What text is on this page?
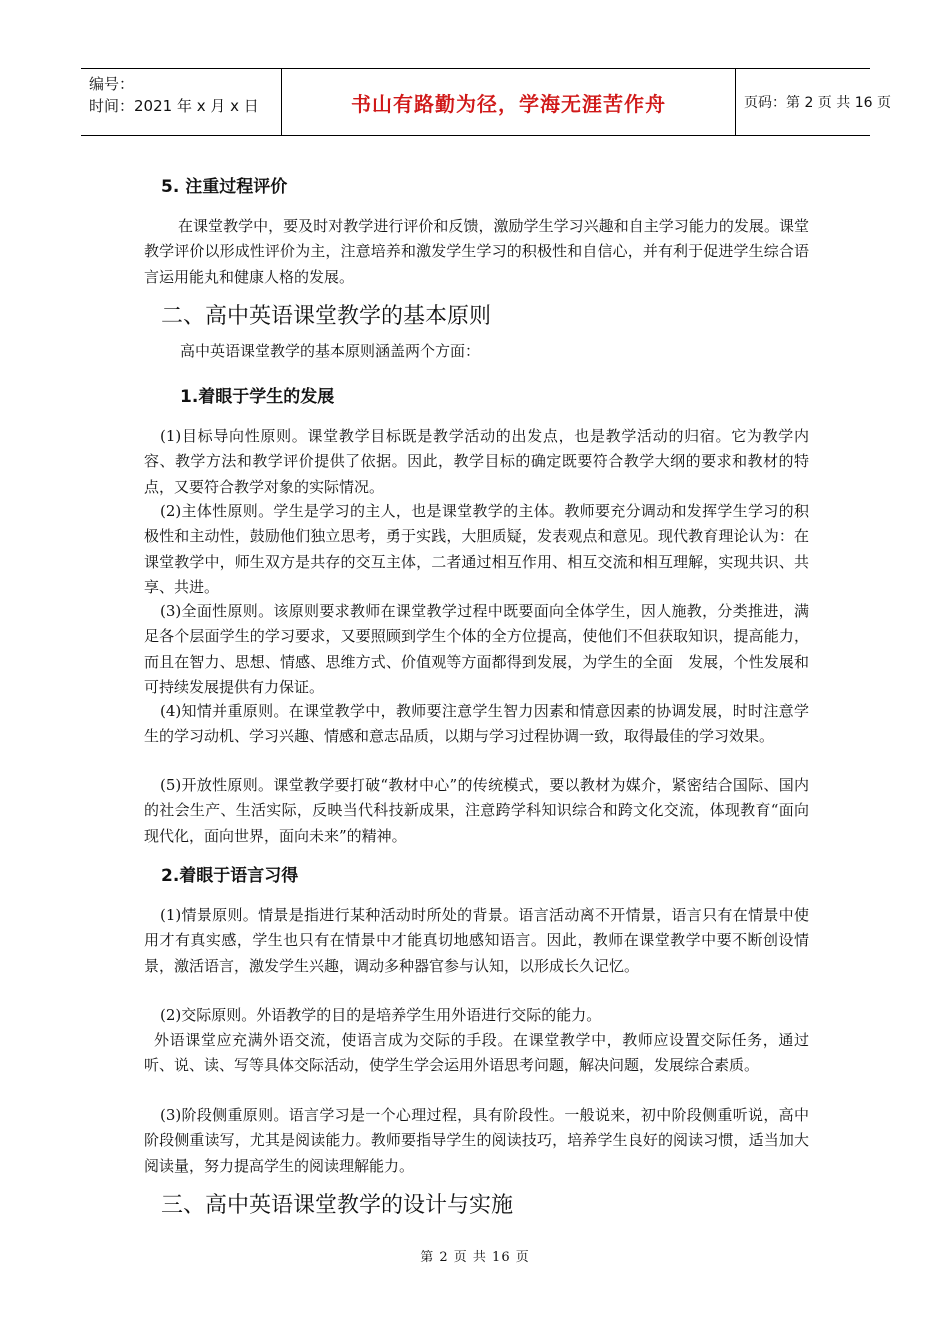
编号：
时间：2021 年 x 月 x 日	书山有路勤为径，学海无涯苦作舟	页码：第 2 页 共 16 页
5. 注重过程评价

在课堂教学中，要及时对教学进行评价和反馈，激励学生学习兴趣和自主学习能力的发展。课堂教学评价以形成性评价为主，注意培养和激发学生学习的积极性和自信心，并有利于促进学生综合语言运用能丸和健康人格的发展。

二、高中英语课堂教学的基本原则

高中英语课堂教学的基本原则涵盖两个方面：

1.着眼于学生的发展

(1)目标导向性原则。课堂教学目标既是教学活动的出发点，也是教学活动的归宿。它为教学内容、教学方法和教学评价提供了依据。因此，教学目标的确定既要符合教学大纲的要求和教材的特点，又要符合教学对象的实际情况。

(2)主体性原则。学生是学习的主人，也是课堂教学的主体。教师要充分调动和发挥学生学习的积极性和主动性，鼓励他们独立思考，勇于实践，大胆质疑，发表观点和意见。现代教育理论认为：在课堂教学中，师生双方是共存的交互主体，二者通过相互作用、相互交流和相互理解，实现共识、共享、共进。

(3)全面性原则。该原则要求教师在课堂教学过程中既要面向全体学生，因人施教，分类推进，满足各个层面学生的学习要求，又要照顾到学生个体的全方位提高，使他们不但获取知识，提高能力，而且在智力、思想、情感、思维方式、价值观等方面都得到发展，为学生的全面　发展，个性发展和可持续发展提供有力保证。

(4)知情并重原则。在课堂教学中，教师要注意学生智力因素和情意因素的协调发展，时时注意学生的学习动机、学习兴趣、情感和意志品质，以期与学习过程协调一致，取得最佳的学习效果。

(5)开放性原则。课堂教学要打破“教材中心”的传统模式，要以教材为媒介，紧密结合国际、国内的社会生产、生活实际，反映当代科技新成果，注意跨学科知识综合和跨文化交流，体现教育“面向现代化，面向世界，面向未来”的精神。

2.着眼于语言习得

(1)情景原则。情景是指进行某种活动时所处的背景。语言活动离不开情景，语言只有在情景中使用才有真实感，学生也只有在情景中才能真切地感知语言。因此，教师在课堂教学中要不断创设情景，激活语言，激发学生兴趣，调动多种器官参与认知，以形成长久记忆。

(2)交际原则。外语教学的目的是培养学生用外语进行交际的能力。

外语课堂应充满外语交流，使语言成为交际的手段。在课堂教学中，教师应设置交际任务，通过听、说、读、写等具体交际活动，使学生学会运用外语思考问题，解决问题，发展综合素质。

(3)阶段侧重原则。语言学习是一个心理过程，具有阶段性。一般说来，初中阶段侧重听说，高中阶段侧重读写，尤其是阅读能力。教师要指导学生的阅读技巧，培养学生良好的阅读习惯，适当加大阅读量，努力提高学生的阅读理解能力。

三、高中英语课堂教学的设计与实施
第 2 页 共 16 页
